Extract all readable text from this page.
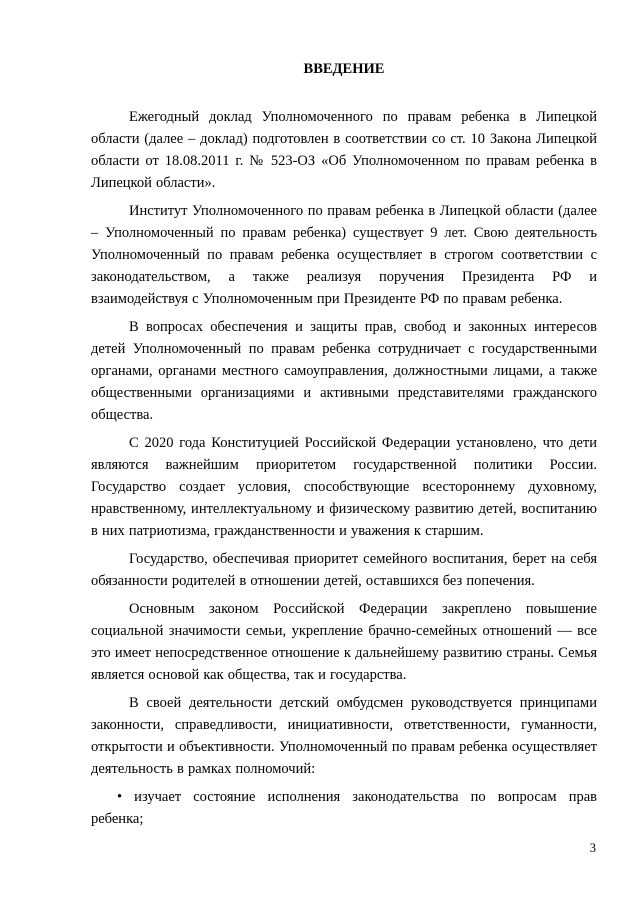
ВВЕДЕНИЕ

Ежегодный доклад Уполномоченного по правам ребенка в Липецкой области (далее – доклад) подготовлен в соответствии со ст. 10 Закона Липецкой области от 18.08.2011 г. № 523-ОЗ «Об Уполномоченном по правам ребенка в Липецкой области».

Институт Уполномоченного по правам ребенка в Липецкой области (далее – Уполномоченный по правам ребенка) существует 9 лет. Свою деятельность Уполномоченный по правам ребенка осуществляет в строгом соответствии с законодательством, а также реализуя поручения Президента РФ и взаимодействуя с Уполномоченным при Президенте РФ по правам ребенка.

В вопросах обеспечения и защиты прав, свобод и законных интересов детей Уполномоченный по правам ребенка сотрудничает с государственными органами, органами местного самоуправления, должностными лицами, а также общественными организациями и активными представителями гражданского общества.

С 2020 года Конституцией Российской Федерации установлено, что дети являются важнейшим приоритетом государственной политики России. Государство создает условия, способствующие всестороннему духовному, нравственному, интеллектуальному и физическому развитию детей, воспитанию в них патриотизма, гражданственности и уважения к старшим.

Государство, обеспечивая приоритет семейного воспитания, берет на себя обязанности родителей в отношении детей, оставшихся без попечения.

Основным законом Российской Федерации закреплено повышение социальной значимости семьи, укрепление брачно-семейных отношений — все это имеет непосредственное отношение к дальнейшему развитию страны. Семья является основой как общества, так и государства.

В своей деятельности детский омбудсмен руководствуется принципами законности, справедливости, инициативности, ответственности, гуманности, открытости и объективности. Уполномоченный по правам ребенка осуществляет деятельность в рамках полномочий:

• изучает состояние исполнения законодательства по вопросам прав ребенка;

3
